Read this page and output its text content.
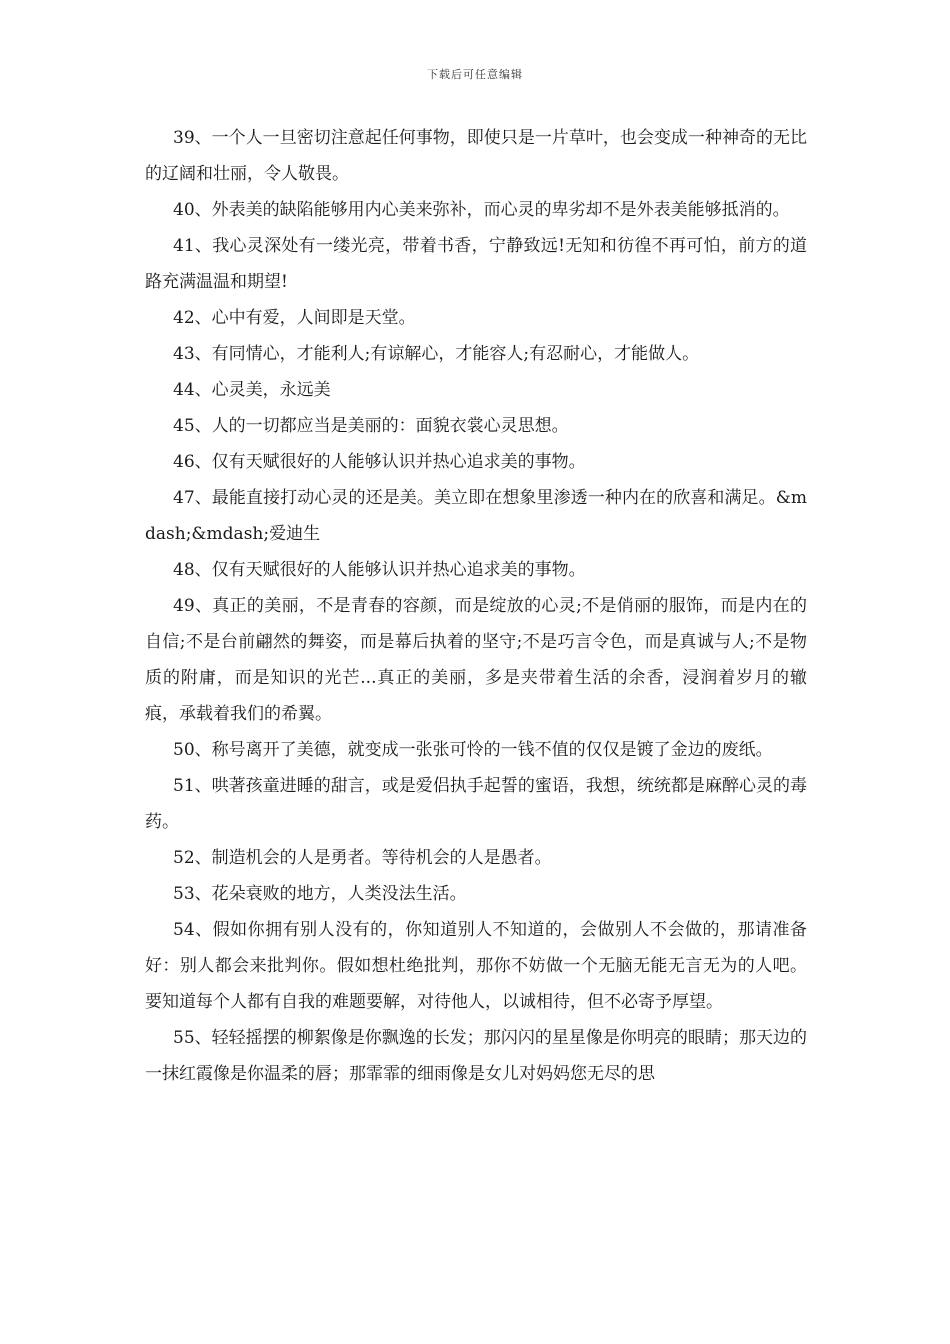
下载后可任意编辑

39、一个人一旦密切注意起任何事物，即使只是一片草叶，也会变成一种神奇的无比的辽阔和壮丽，令人敬畏。

40、外表美的缺陷能够用内心美来弥补，而心灵的卑劣却不是外表美能够抵消的。

41、我心灵深处有一缕光亮，带着书香，宁静致远!无知和彷徨不再可怕，前方的道路充满温温和期望!

42、心中有爱，人间即是天堂。

43、有同情心，才能利人;有谅解心，才能容人;有忍耐心，才能做人。

44、心灵美，永远美

45、人的一切都应当是美丽的：面貌衣裳心灵思想。

46、仅有天赋很好的人能够认识并热心追求美的事物。

47、最能直接打动心灵的还是美。美立即在想象里渗透一种内在的欣喜和满足。&mdash;&mdash;爱迪生

48、仅有天赋很好的人能够认识并热心追求美的事物。

49、真正的美丽，不是青春的容颜，而是绽放的心灵;不是俏丽的服饰，而是内在的自信;不是台前翩然的舞姿，而是幕后执着的坚守;不是巧言令色，而是真诚与人;不是物质的附庸，而是知识的光芒...真正的美丽，多是夹带着生活的余香，浸润着岁月的辙痕，承载着我们的希翼。

50、称号离开了美德，就变成一张张可怜的一钱不值的仅仅是镀了金边的废纸。

51、哄著孩童进睡的甜言，或是爱侣执手起誓的蜜语，我想，统统都是麻醉心灵的毒药。

52、制造机会的人是勇者。等待机会的人是愚者。

53、花朵衰败的地方，人类没法生活。

54、假如你拥有别人没有的，你知道别人不知道的，会做别人不会做的，那请准备好：别人都会来批判你。假如想杜绝批判，那你不妨做一个无脑无能无言无为的人吧。要知道每个人都有自我的难题要解，对待他人，以诚相待，但不必寄予厚望。

55、轻轻摇摆的柳絮像是你飘逸的长发；那闪闪的星星像是你明亮的眼睛；那天边的一抹红霞像是你温柔的唇；那霏霏的细雨像是女儿对妈妈您无尽的思
